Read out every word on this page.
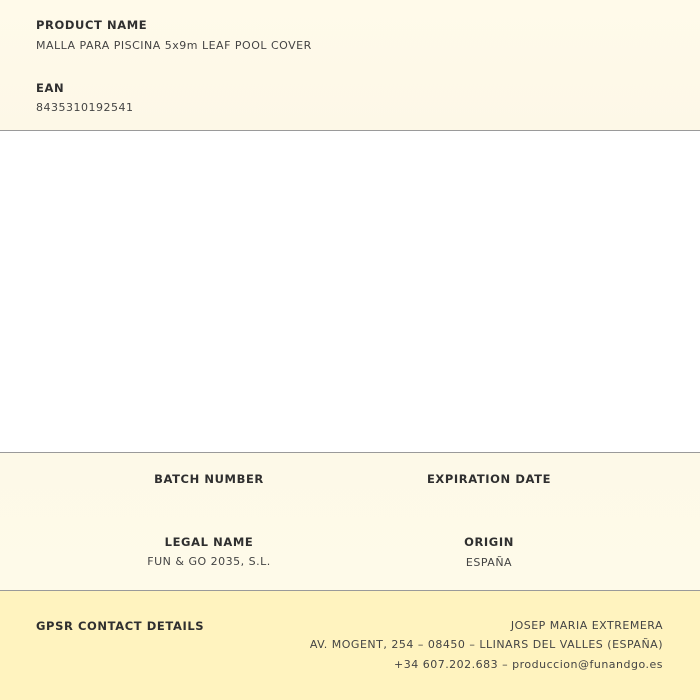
PRODUCT NAME
MALLA PARA PISCINA 5x9m LEAF POOL COVER
EAN
8435310192541
BATCH NUMBER	EXPIRATION DATE
LEGAL NAME
FUN & GO 2035, S.L.
ORIGIN
ESPAÑA
GPSR CONTACT DETAILS	JOSEP MARIA EXTREMERA
AV. MOGENT, 254 – 08450 – LLINARS DEL VALLES (ESPAÑA)
+34 607.202.683 – produccion@funandgo.es
